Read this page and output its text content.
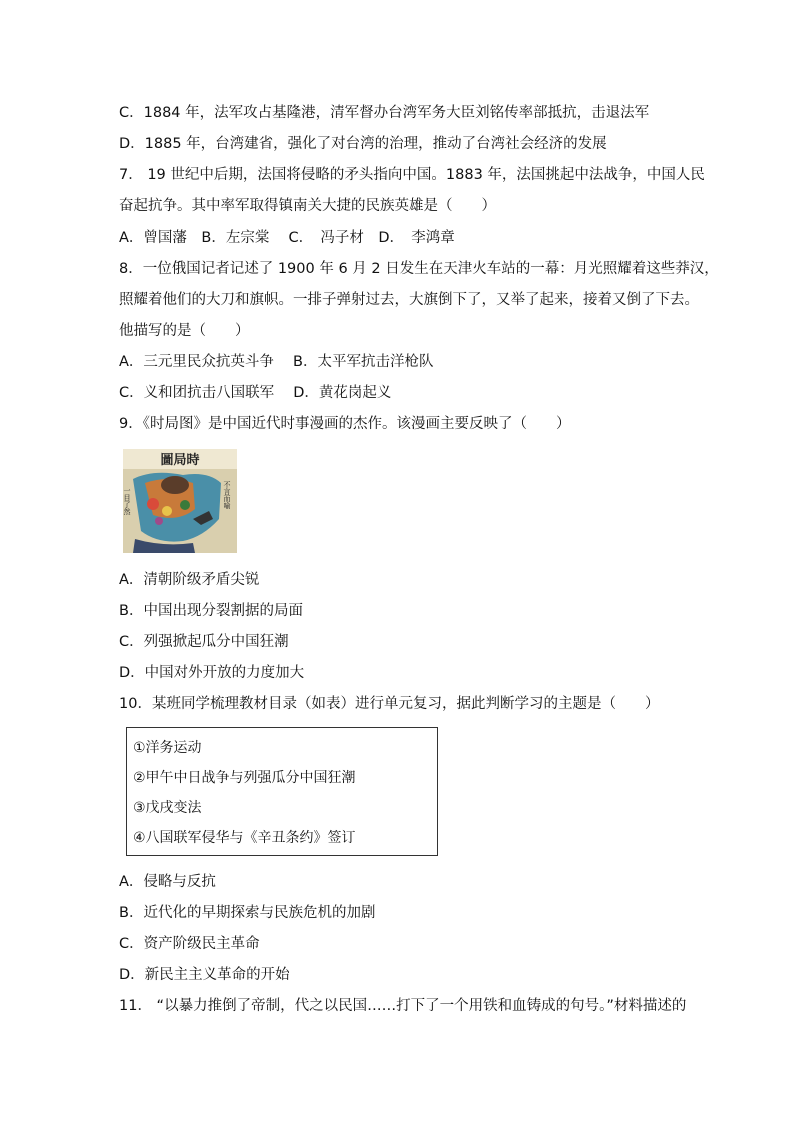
C．1884 年，法军攻占基隆港，清军督办台湾军务大臣刘铭传率部抵抗，击退法军
D．1885 年，台湾建省，强化了对台湾的治理，推动了台湾社会经济的发展
7． 19 世纪中后期，法国将侵略的矛头指向中国。1883 年，法国挑起中法战争，中国人民
奋起抗争。其中率军取得镇南关大捷的民族英雄是（　　）
A．曾国藩　B．左宗棠　 C．　冯子材　D．　李鸿章
8．一位俄国记者记述了 1900 年 6 月 2 日发生在天津火车站的一幕：月光照耀着这些莽汉，
照耀着他们的大刀和旗帜。一排子弹射过去，大旗倒下了，又举了起来，接着又倒了下去。
他描写的是（　　）
A．三元里民众抗英斗争　 B．太平军抗击洋枪队
C．义和团抗击八国联军　 D．黄花岗起义
9．《时局图》是中国近代时事漫画的杰作。该漫画主要反映了（　　）
圖局時
不言而喻
一目了然
A．清朝阶级矛盾尖锐
B．中国出现分裂割据的局面
C．列强掀起瓜分中国狂潮
D．中国对外开放的力度加大
10．某班同学梳理教材目录（如表）进行单元复习，据此判断学习的主题是（　　）
①洋务运动
②甲午中日战争与列强瓜分中国狂潮
③戊戌变法
④八国联军侵华与《辛丑条约》签订
A．侵略与反抗
B．近代化的早期探索与民族危机的加剧
C．资产阶级民主革命
D．新民主主义革命的开始
11． “以暴力推倒了帝制，代之以民国……打下了一个用铁和血铸成的句号。”材料描述的
